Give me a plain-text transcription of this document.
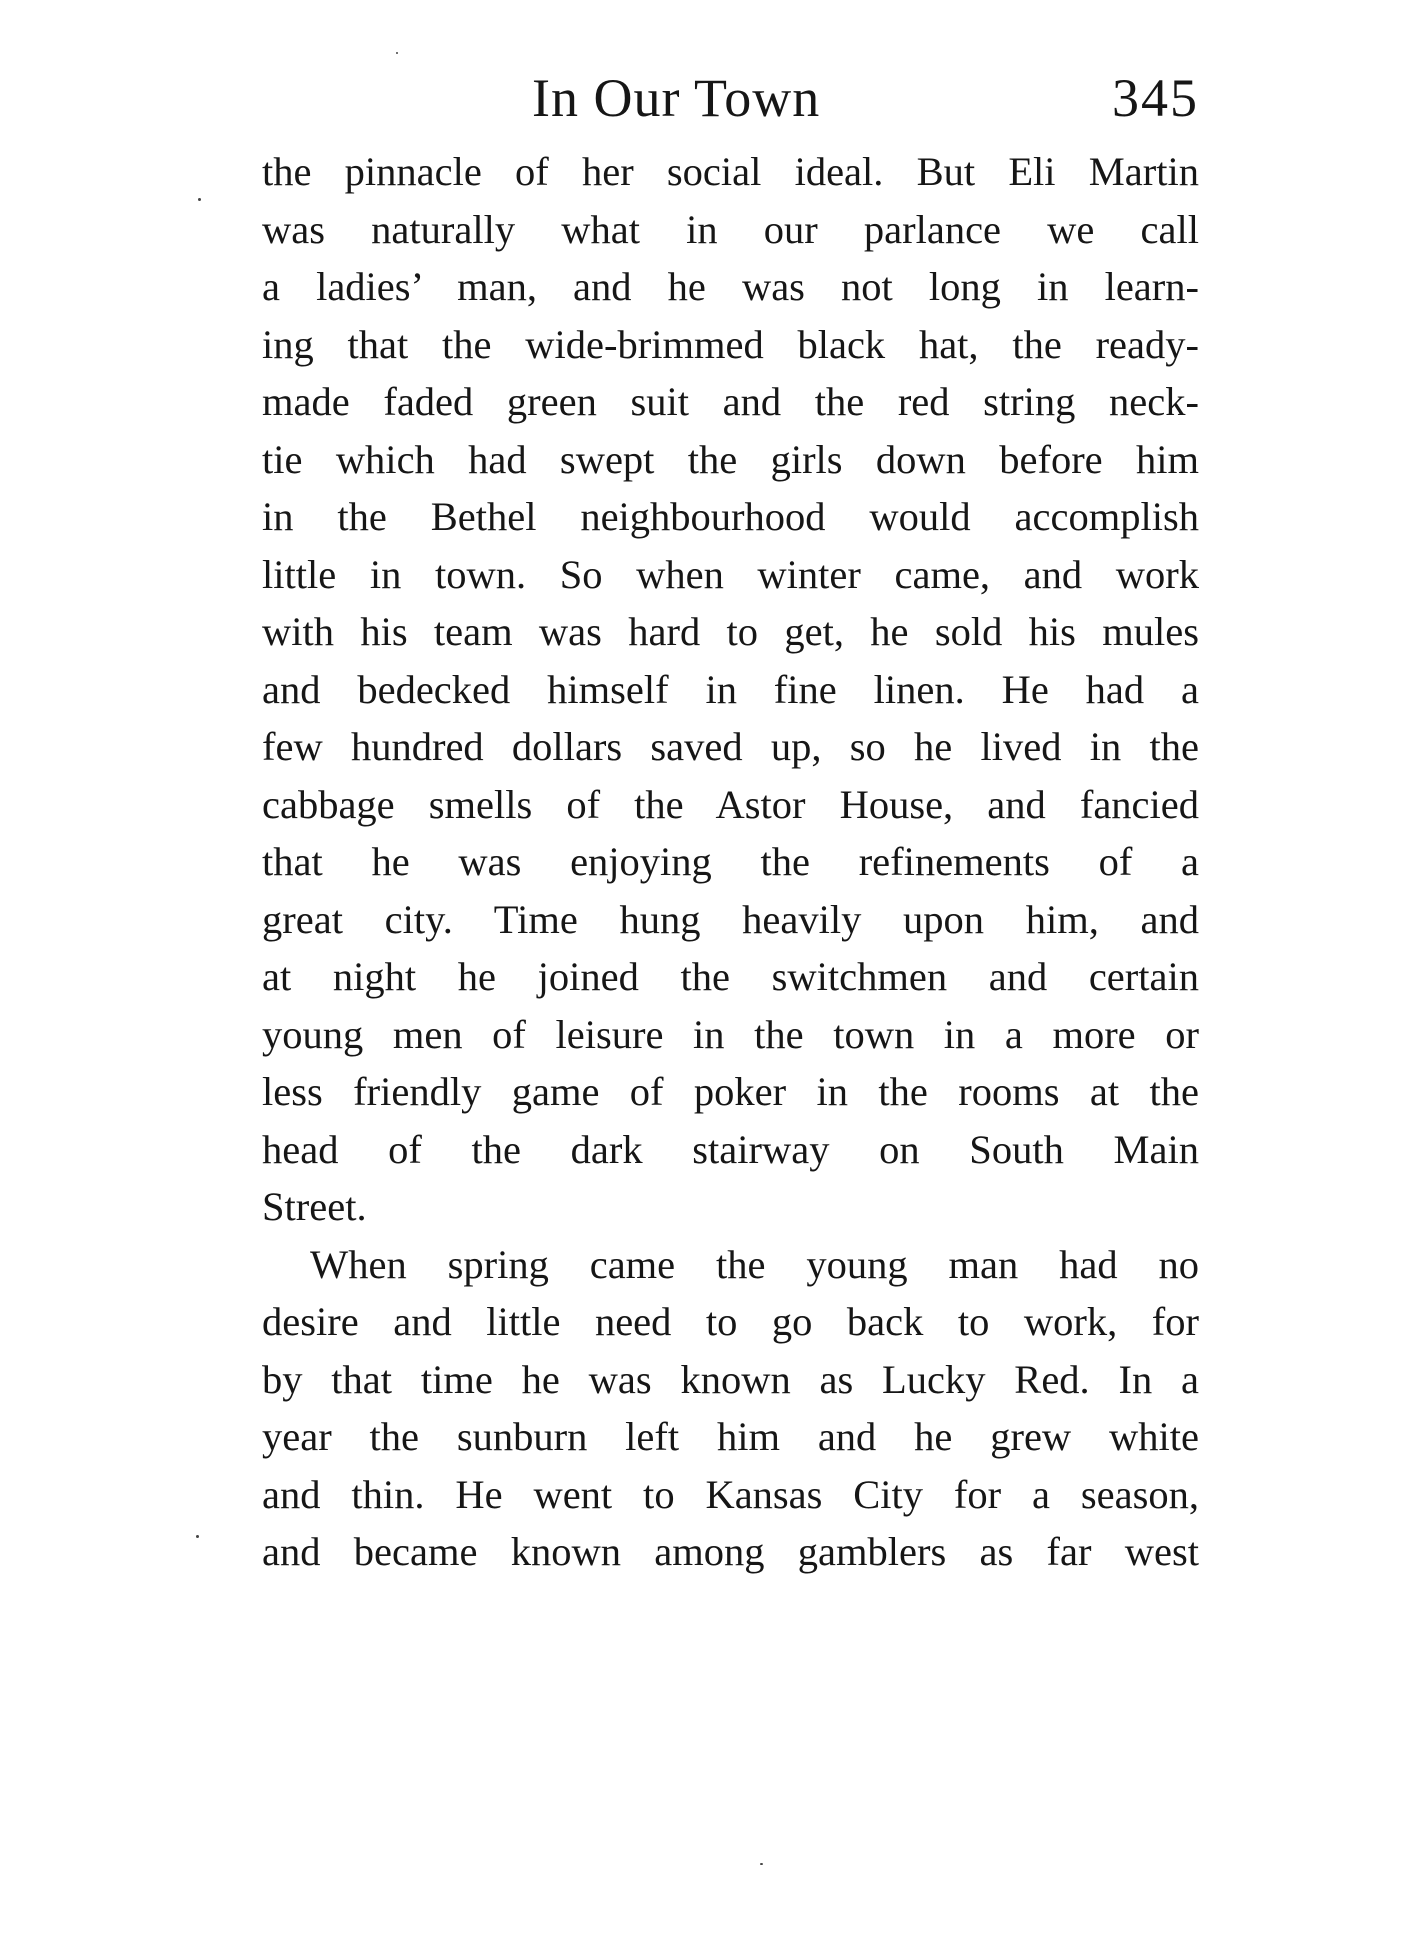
In Our Town	345
the pinnacle of her social ideal. But Eli Martin
was naturally what in our parlance we call
a ladies’ man, and he was not long in learn-
ing that the wide-brimmed black hat, the ready-
made faded green suit and the red string neck-
tie which had swept the girls down before him
in the Bethel neighbourhood would accomplish
little in town. So when winter came, and work
with his team was hard to get, he sold his mules
and bedecked himself in fine linen. He had a
few hundred dollars saved up, so he lived in the
cabbage smells of the Astor House, and fancied
that he was enjoying the refinements of a
great city. Time hung heavily upon him, and
at night he joined the switchmen and certain
young men of leisure in the town in a more or
less friendly game of poker in the rooms at the
head of the dark stairway on South Main
Street.
When spring came the young man had no
desire and little need to go back to work, for
by that time he was known as Lucky Red. In a
year the sunburn left him and he grew white
and thin. He went to Kansas City for a season,
and became known among gamblers as far west
